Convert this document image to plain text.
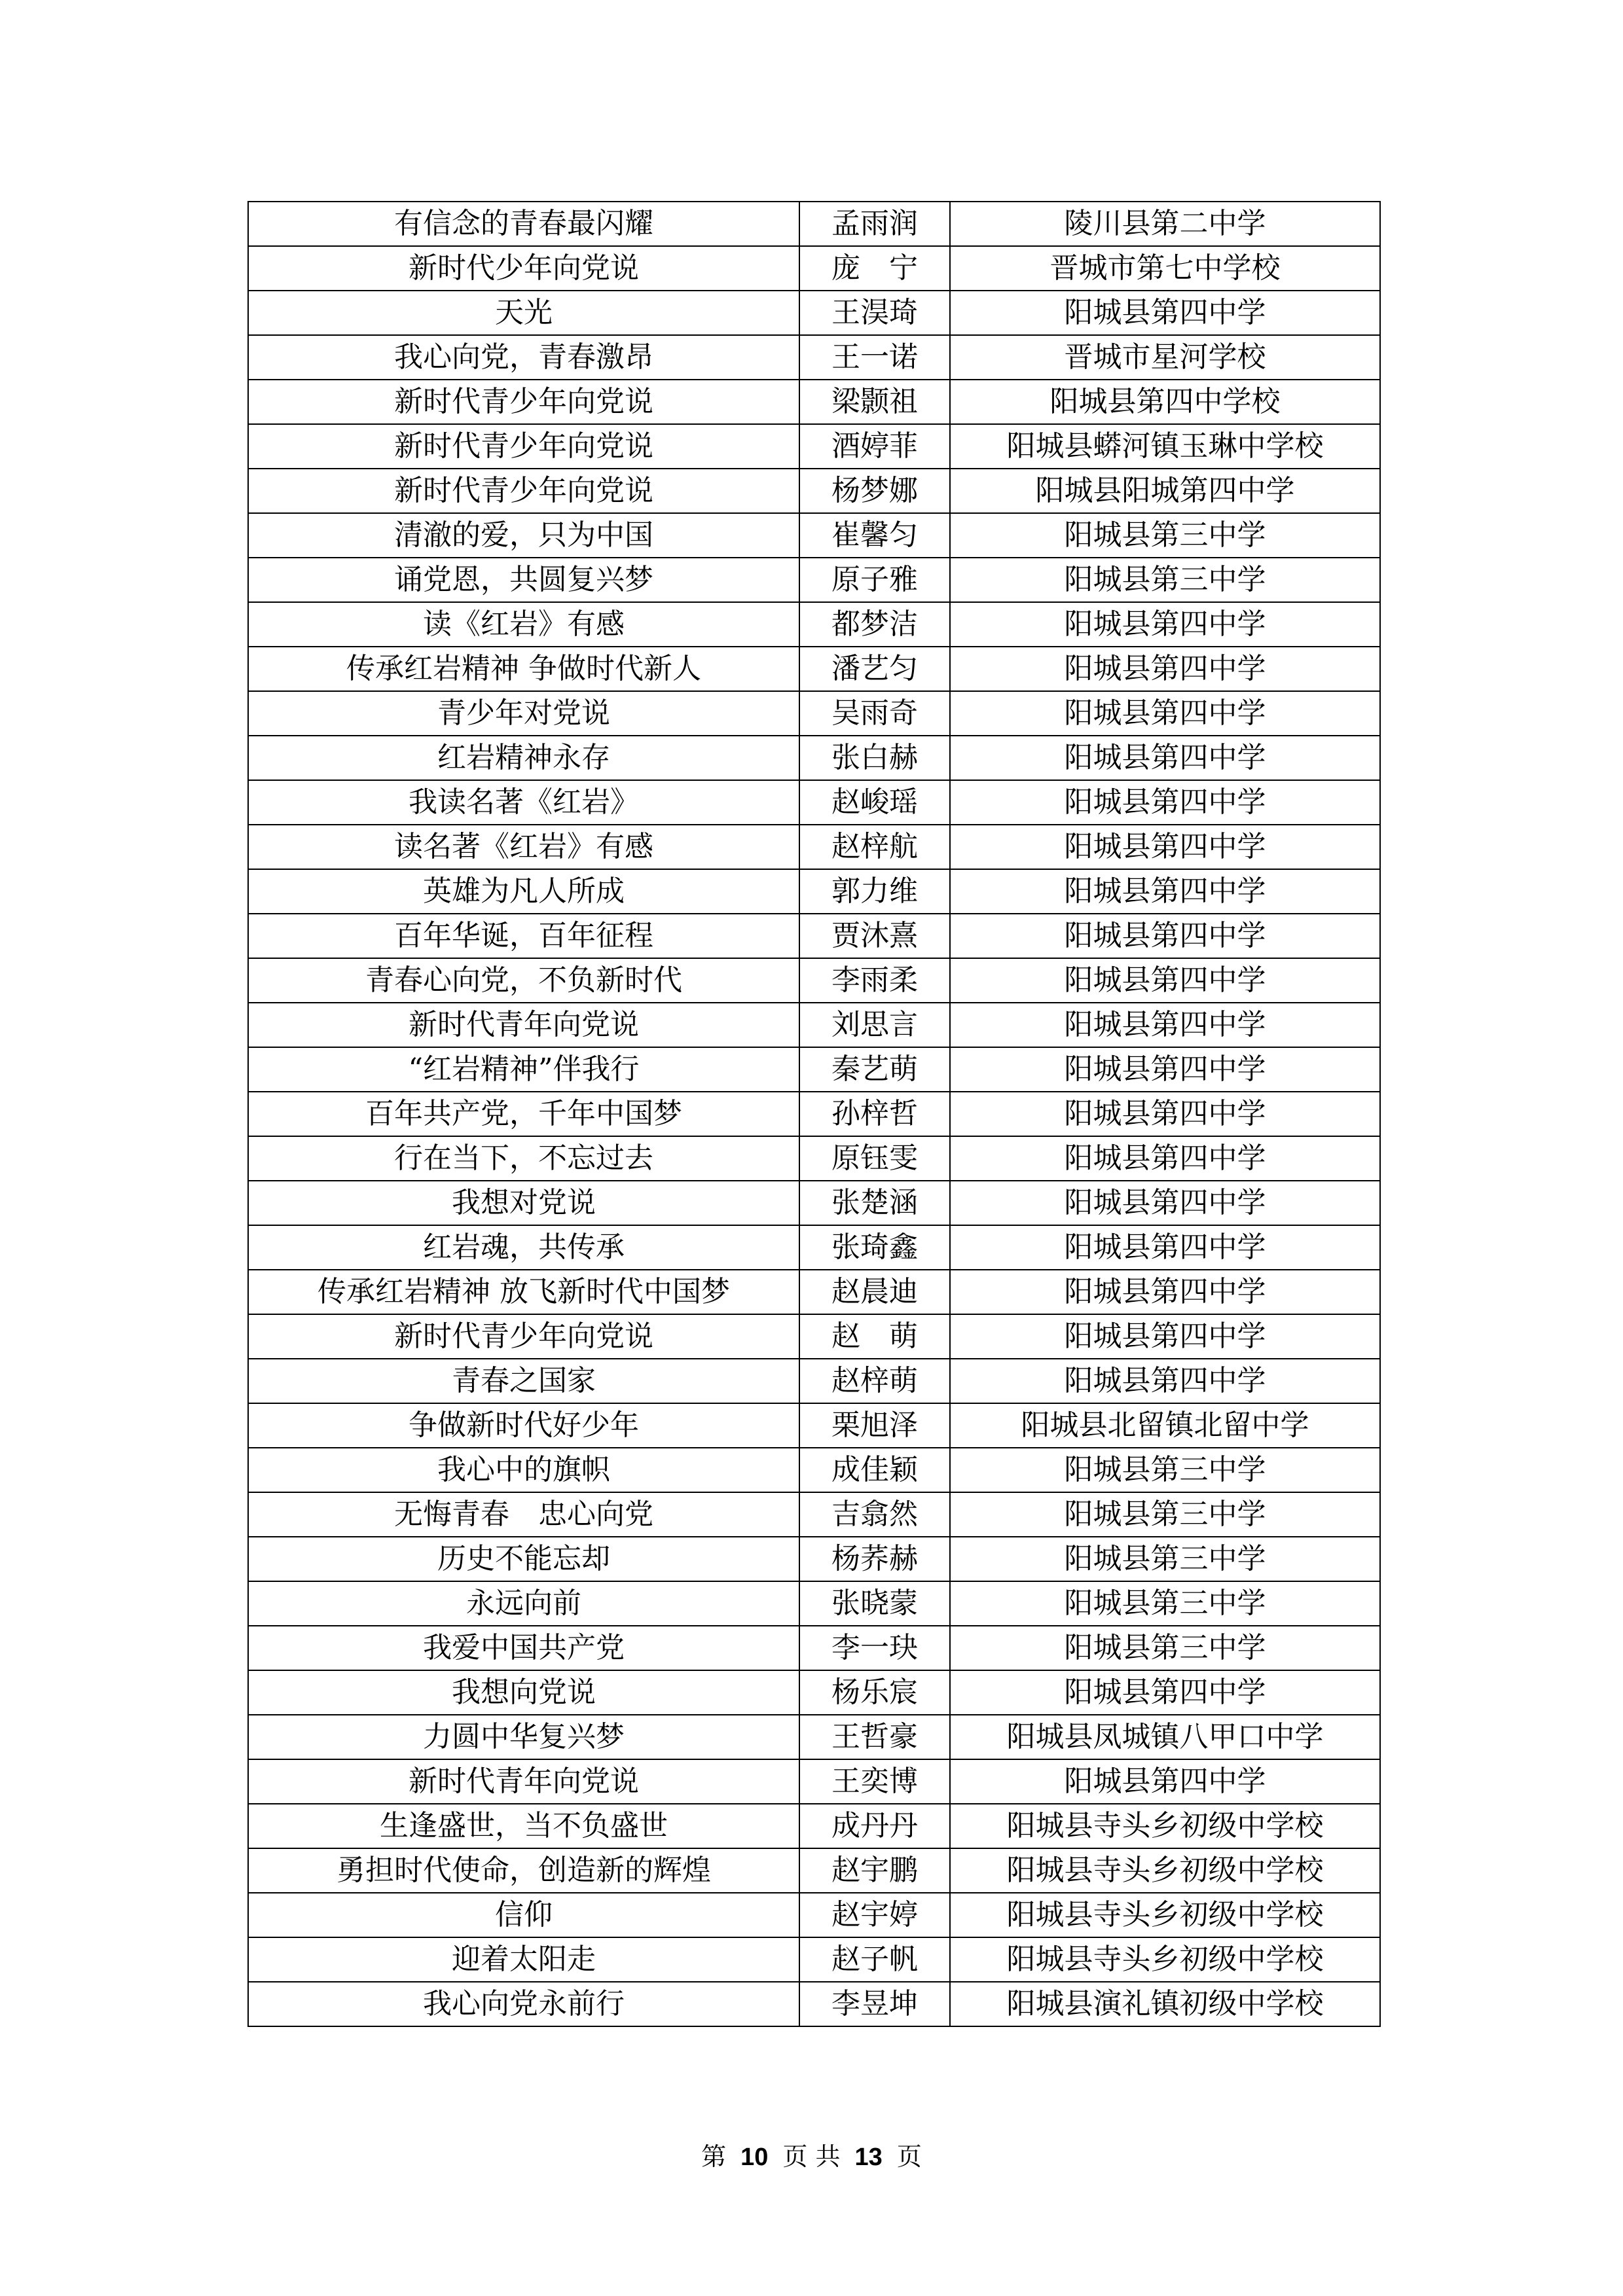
有信念的青春最闪耀	孟雨润	陵川县第二中学
新时代少年向党说	庞　宁	晋城市第七中学校
天光	王淏琦	阳城县第四中学
我心向党，青春激昂	王一诺	晋城市星河学校
新时代青少年向党说	梁颢祖	阳城县第四中学校
新时代青少年向党说	酒婷菲	阳城县蟒河镇玉琳中学校
新时代青少年向党说	杨梦娜	阳城县阳城第四中学
清澈的爱，只为中国	崔馨匀	阳城县第三中学
诵党恩，共圆复兴梦	原子雅	阳城县第三中学
读《红岩》有感	都梦洁	阳城县第四中学
传承红岩精神 争做时代新人	潘艺匀	阳城县第四中学
青少年对党说	吴雨奇	阳城县第四中学
红岩精神永存	张白赫	阳城县第四中学
我读名著《红岩》	赵峻瑶	阳城县第四中学
读名著《红岩》有感	赵梓航	阳城县第四中学
英雄为凡人所成	郭力维	阳城县第四中学
百年华诞，百年征程	贾沐熹	阳城县第四中学
青春心向党，不负新时代	李雨柔	阳城县第四中学
新时代青年向党说	刘思言	阳城县第四中学
“红岩精神”伴我行	秦艺萌	阳城县第四中学
百年共产党，千年中国梦	孙梓哲	阳城县第四中学
行在当下，不忘过去	原钰雯	阳城县第四中学
我想对党说	张楚涵	阳城县第四中学
红岩魂，共传承	张琦鑫	阳城县第四中学
传承红岩精神 放飞新时代中国梦	赵晨迪	阳城县第四中学
新时代青少年向党说	赵　萌	阳城县第四中学
青春之国家	赵梓萌	阳城县第四中学
争做新时代好少年	栗旭泽	阳城县北留镇北留中学
我心中的旗帜	成佳颖	阳城县第三中学
无悔青春　忠心向党	吉翕然	阳城县第三中学
历史不能忘却	杨荞赫	阳城县第三中学
永远向前	张晓蒙	阳城县第三中学
我爱中国共产党	李一玦	阳城县第三中学
我想向党说	杨乐宸	阳城县第四中学
力圆中华复兴梦	王哲豪	阳城县凤城镇八甲口中学
新时代青年向党说	王奕博	阳城县第四中学
生逢盛世，当不负盛世	成丹丹	阳城县寺头乡初级中学校
勇担时代使命，创造新的辉煌	赵宇鹏	阳城县寺头乡初级中学校
信仰	赵宇婷	阳城县寺头乡初级中学校
迎着太阳走	赵子帆	阳城县寺头乡初级中学校
我心向党永前行	李昱坤	阳城县演礼镇初级中学校
第 10 页 共 13 页
